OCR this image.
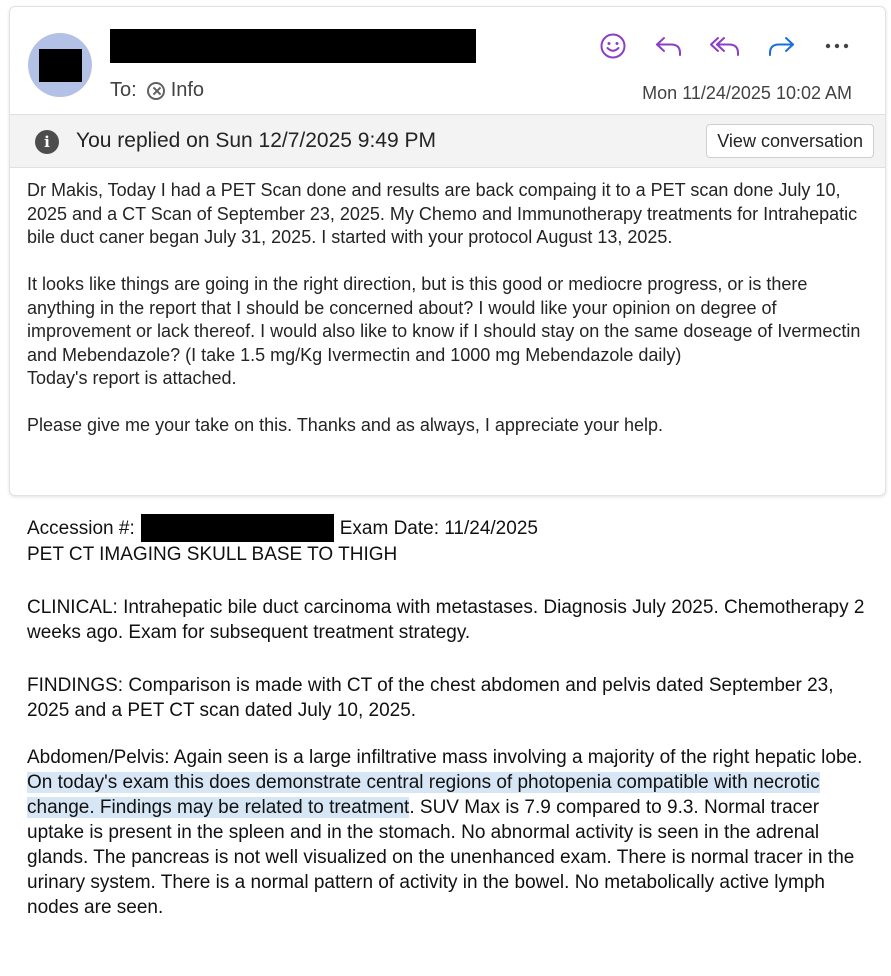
To: Info	Mon 11/24/2025 10:02 AM
i	You replied on Sun 12/7/2025 9:49 PM	View conversation

Dr Makis, Today I had a PET Scan done and results are back compaing it to a PET scan done July 10, 2025 and a CT Scan of September 23, 2025. My Chemo and Immunotherapy treatments for Intrahepatic bile duct caner began July 31, 2025. I started with your protocol August 13, 2025.

It looks like things are going in the right direction, but is this good or mediocre progress, or is there anything in the report that I should be concerned about? I would like your opinion on degree of improvement or lack thereof. I would also like to know if I should stay on the same doseage of Ivermectin and Mebendazole? (I take 1.5 mg/Kg Ivermectin and 1000 mg Mebendazole daily)

Today's report is attached.

Please give me your take on this. Thanks and as always, I appreciate your help.

Accession #:	Exam Date: 11/24/2025
PET CT IMAGING SKULL BASE TO THIGH
CLINICAL: Intrahepatic bile duct carcinoma with metastases. Diagnosis July 2025. Chemotherapy 2 weeks ago. Exam for subsequent treatment strategy.
FINDINGS: Comparison is made with CT of the chest abdomen and pelvis dated September 23, 2025 and a PET CT scan dated July 10, 2025.
Abdomen/Pelvis: Again seen is a large infiltrative mass involving a majority of the right hepatic lobe. On today's exam this does demonstrate central regions of photopenia compatible with necrotic change. Findings may be related to treatment. SUV Max is 7.9 compared to 9.3. Normal tracer uptake is present in the spleen and in the stomach. No abnormal activity is seen in the adrenal glands. The pancreas is not well visualized on the unenhanced exam. There is normal tracer in the urinary system. There is a normal pattern of activity in the bowel. No metabolically active lymph nodes are seen.
